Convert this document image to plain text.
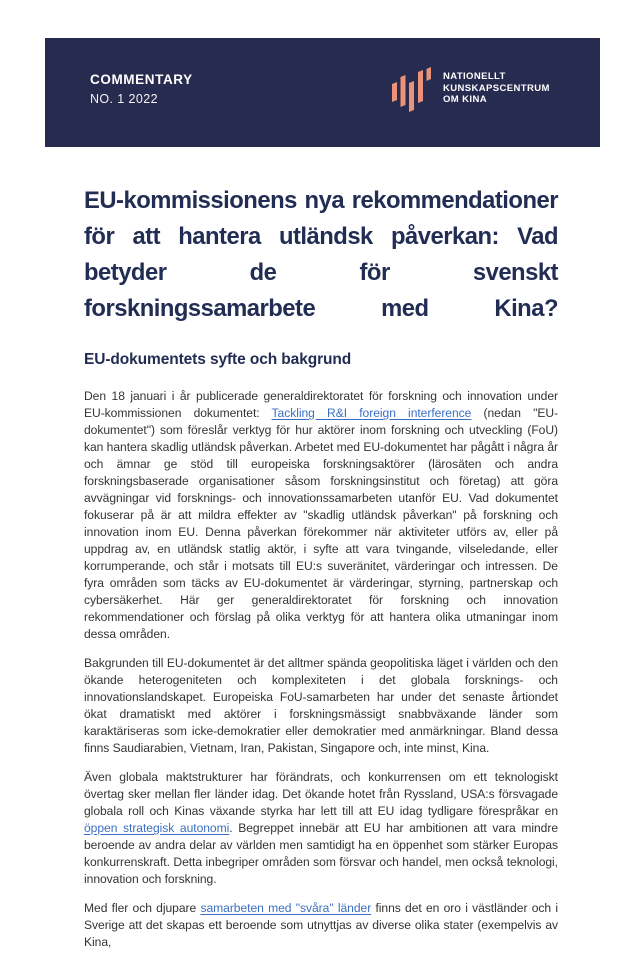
COMMENTARY
NO. 1 2022
NATIONELLT
KUNSKAPSCENTRUM
OM KINA
EU-kommissionens nya rekommendationer för att hantera utländsk påverkan: Vad betyder de för svenskt forskningssamarbete med Kina?
EU-dokumentets syfte och bakgrund

Den 18 januari i år publicerade generaldirektoratet för forskning och innovation under EU-kommissionen dokumentet: Tackling R&I foreign interference (nedan "EU-dokumentet") som föreslår verktyg för hur aktörer inom forskning och utveckling (FoU) kan hantera skadlig utländsk påverkan. Arbetet med EU-dokumentet har pågått i några år och ämnar ge stöd till europeiska forskningsaktörer (lärosäten och andra forskningsbaserade organisationer såsom forskningsinstitut och företag) att göra avvägningar vid forsknings- och innovationssamarbeten utanför EU. Vad dokumentet fokuserar på är att mildra effekter av "skadlig utländsk påverkan" på forskning och innovation inom EU. Denna påverkan förekommer när aktiviteter utförs av, eller på uppdrag av, en utländsk statlig aktör, i syfte att vara tvingande, vilseledande, eller korrumperande, och står i motsats till EU:s suveränitet, värderingar och intressen. De fyra områden som täcks av EU-dokumentet är värderingar, styrning, partnerskap och cybersäkerhet. Här ger generaldirektoratet för forskning och innovation rekommendationer och förslag på olika verktyg för att hantera olika utmaningar inom dessa områden.

Bakgrunden till EU-dokumentet är det alltmer spända geopolitiska läget i världen och den ökande heterogeniteten och komplexiteten i det globala forsknings- och innovationslandskapet. Europeiska FoU-samarbeten har under det senaste årtiondet ökat dramatiskt med aktörer i forskningsmässigt snabbväxande länder som karaktäriseras som icke-demokratier eller demokratier med anmärkningar. Bland dessa finns Saudiarabien, Vietnam, Iran, Pakistan, Singapore och, inte minst, Kina.

Även globala maktstrukturer har förändrats, och konkurrensen om ett teknologiskt övertag sker mellan fler länder idag. Det ökande hotet från Ryssland, USA:s försvagade globala roll och Kinas växande styrka har lett till att EU idag tydligare förespråkar en öppen strategisk autonomi. Begreppet innebär att EU har ambitionen att vara mindre beroende av andra delar av världen men samtidigt ha en öppenhet som stärker Europas konkurrenskraft. Detta inbegriper områden som försvar och handel, men också teknologi, innovation och forskning.

Med fler och djupare samarbeten med "svåra" länder finns det en oro i västländer och i Sverige att det skapas ett beroende som utnyttjas av diverse olika stater (exempelvis av Kina,
